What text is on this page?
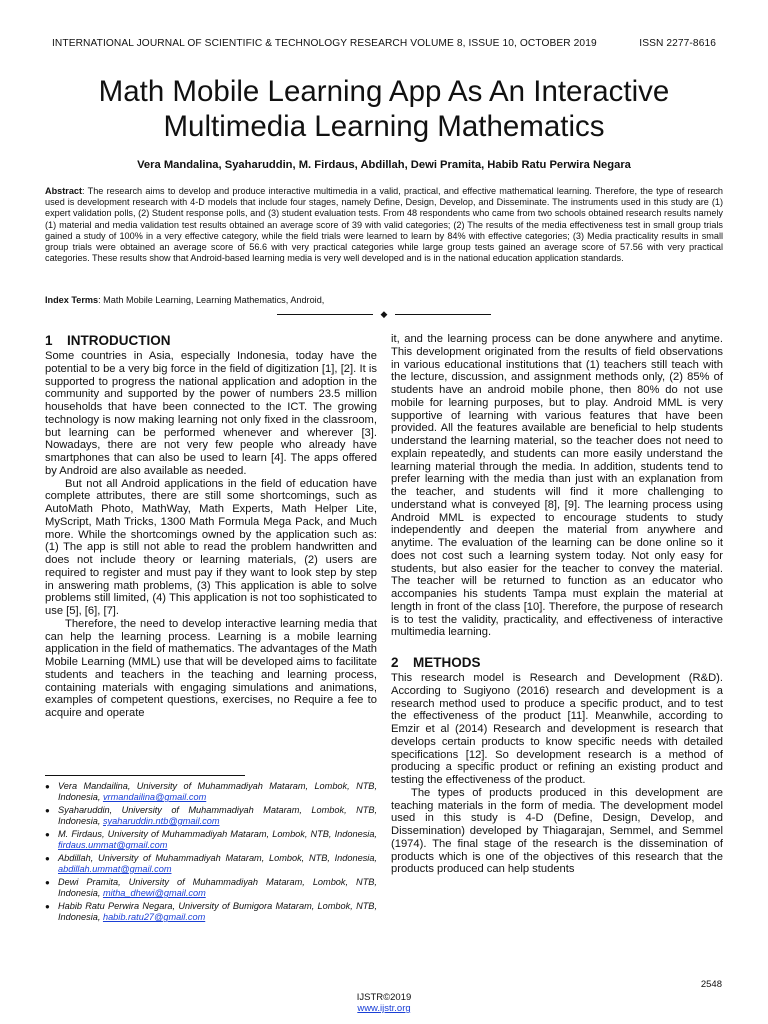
INTERNATIONAL JOURNAL OF SCIENTIFIC & TECHNOLOGY RESEARCH VOLUME 8, ISSUE 10, OCTOBER 2019	ISSN 2277-8616
Math Mobile Learning App As An Interactive
Multimedia Learning Mathematics
Vera Mandalina, Syaharuddin, M. Firdaus, Abdillah, Dewi Pramita, Habib Ratu Perwira Negara
Abstract: The research aims to develop and produce interactive multimedia in a valid, practical, and effective mathematical learning. Therefore, the type of research used is development research with 4-D models that include four stages, namely Define, Design, Develop, and Disseminate. The instruments used in this study are (1) expert validation polls, (2) Student response polls, and (3) student evaluation tests. From 48 respondents who came from two schools obtained research results namely (1) material and media validation test results obtained an average score of 39 with valid categories; (2) The results of the media effectiveness test in small group trials gained a study of 100% in a very effective category, while the field trials were learned to learn by 84% with effective categories; (3) Media practicality results in small group trials were obtained an average score of 56.6 with very practical categories while large group tests gained an average score of 57.56 with very practical categories. These results show that Android-based learning media is very well developed and is in the national education application standards.
Index Terms: Math Mobile Learning, Learning Mathematics, Android,
◆
1 INTRODUCTION

Some countries in Asia, especially Indonesia, today have the potential to be a very big force in the field of digitization [1], [2]. It is supported to progress the national application and adoption in the community and supported by the power of numbers 23.5 million households that have been connected to the ICT. The growing technology is now making learning not only fixed in the classroom, but learning can be performed whenever and wherever [3]. Nowadays, there are not very few people who already have smartphones that can also be used to learn [4]. The apps offered by Android are also available as needed.

But not all Android applications in the field of education have complete attributes, there are still some shortcomings, such as AutoMath Photo, MathWay, Math Experts, Math Helper Lite, MyScript, Math Tricks, 1300 Math Formula Mega Pack, and Much more. While the shortcomings owned by the application such as: (1) The app is still not able to read the problem handwritten and does not include theory or learning materials, (2) users are required to register and must pay if they want to look step by step in answering math problems, (3) This application is able to solve problems still limited, (4) This application is not too sophisticated to use [5], [6], [7].

Therefore, the need to develop interactive learning media that can help the learning process. Learning is a mobile learning application in the field of mathematics. The advantages of the Math Mobile Learning (MML) use that will be developed aims to facilitate students and teachers in the teaching and learning process, containing materials with engaging simulations and animations, examples of competent questions, exercises, no Require a fee to acquire and operate

● Vera Mandailina, University of Muhammadiyah Mataram, Lombok, NTB, Indonesia, vrmandailina@gmail.com
● Syaharuddin, University of Muhammadiyah Mataram, Lombok, NTB, Indonesia, syaharuddin.ntb@gmail.com
● M. Firdaus, University of Muhammadiyah Mataram, Lombok, NTB, Indonesia, firdaus.ummat@gmail.com
● Abdillah, University of Muhammadiyah Mataram, Lombok, NTB, Indonesia, abdillah.ummat@gmail.com
● Dewi Pramita, University of Muhammadiyah Mataram, Lombok, NTB, Indonesia, mitha_dhewi@gmail.com
● Habib Ratu Perwira Negara, University of Bumigora Mataram, Lombok, NTB, Indonesia, habib.ratu27@gmail.com

it, and the learning process can be done anywhere and anytime. This development originated from the results of field observations in various educational institutions that (1) teachers still teach with the lecture, discussion, and assignment methods only, (2) 85% of students have an android mobile phone, then 80% do not use mobile for learning purposes, but to play. Android MML is very supportive of learning with various features that have been provided. All the features available are beneficial to help students understand the learning material, so the teacher does not need to explain repeatedly, and students can more easily understand the learning material through the media. In addition, students tend to prefer learning with the media than just with an explanation from the teacher, and students will find it more challenging to understand what is conveyed [8], [9]. The learning process using Android MML is expected to encourage students to study independently and deepen the material from anywhere and anytime. The evaluation of the learning can be done online so it does not cost such a learning system today. Not only easy for students, but also easier for the teacher to convey the material. The teacher will be returned to function as an educator who accompanies his students Tampa must explain the material at length in front of the class [10]. Therefore, the purpose of research is to test the validity, practicality, and effectiveness of interactive multimedia learning.

2 METHODS

This research model is Research and Development (R&D). According to Sugiyono (2016) research and development is a research method used to produce a specific product, and to test the effectiveness of the product [11]. Meanwhile, according to Emzir et al (2014) Research and development is research that develops certain products to know specific needs with detailed specifications [12]. So development research is a method of producing a specific product or refining an existing product and testing the effectiveness of the product.

The types of products produced in this development are teaching materials in the form of media. The development model used in this study is 4-D (Define, Design, Develop, and Dissemination) developed by Thiagarajan, Semmel, and Semmel (1974). The final stage of the research is the dissemination of products which is one of the objectives of this research that the products produced can help students

2548
IJSTR©2019
www.ijstr.org
